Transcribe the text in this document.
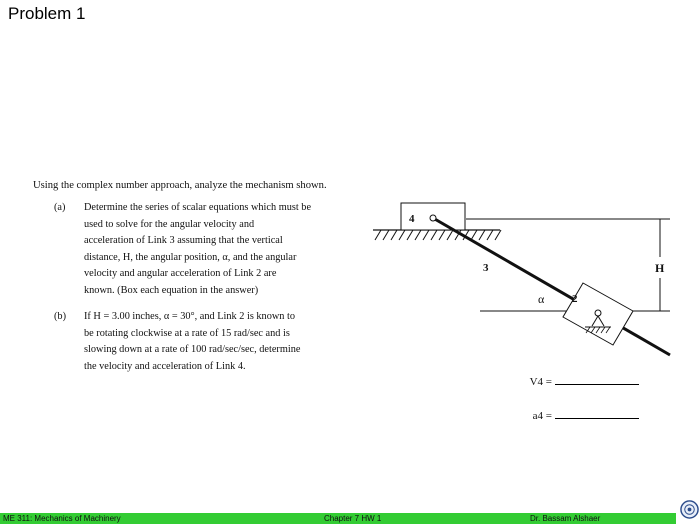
Problem 1
Using the complex number approach, analyze the mechanism shown.
(a) Determine the series of scalar equations which must be
used to solve for the angular velocity and
acceleration of Link 3 assuming that the vertical
distance, H, the angular position, α, and the angular
velocity and angular acceleration of Link 2 are
known. (Box each equation in the answer)
(b) If H = 3.00 inches, α = 30°, and Link 2 is known to
be rotating clockwise at a rate of 15 rad/sec and is
slowing down at a rate of 100 rad/sec/sec, determine
the velocity and acceleration of Link 4.
4
H
3
2
α
V4 =
a4 =
ME 311: Mechanics of Machinery	Chapter 7 HW 1	Dr. Bassam Alshaer
